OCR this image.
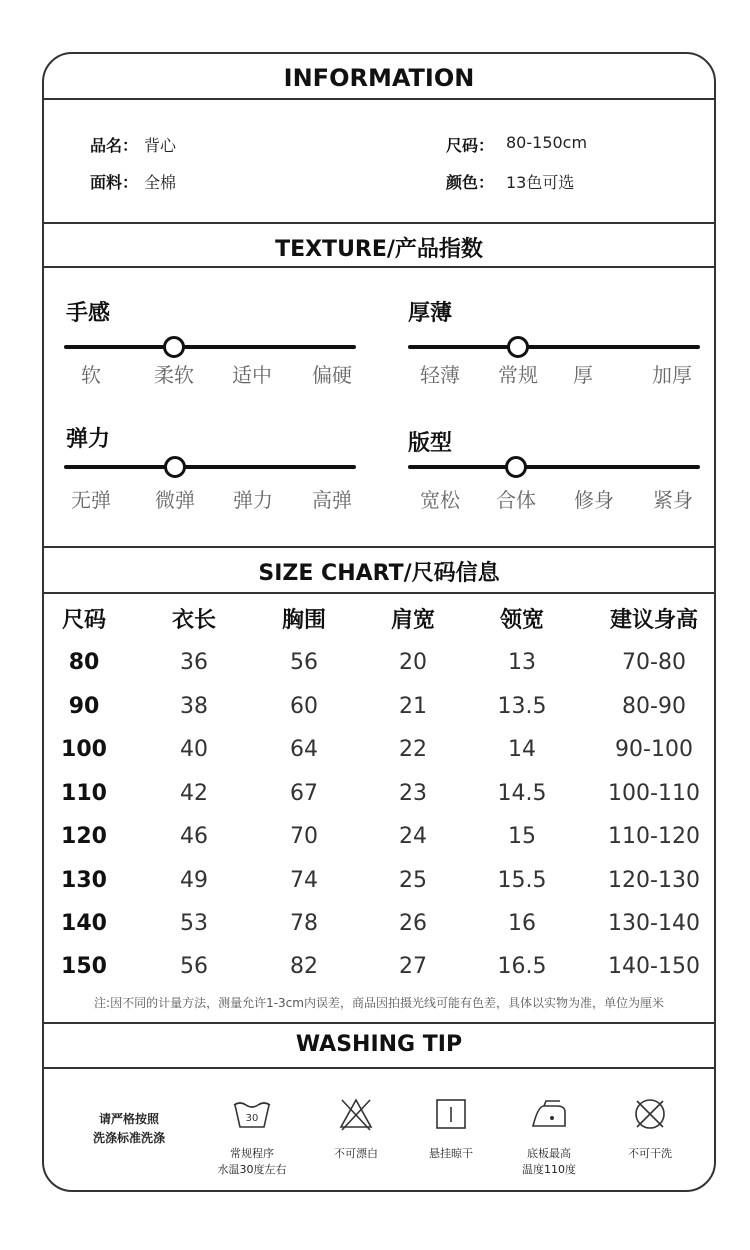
INFORMATION
品名： 背心
面料： 全棉
尺码： 80-150cm
颜色： 13色可选
TEXTURE/产品指数
手感
软	柔软	适中	偏硬
厚薄
轻薄	常规	厚	加厚
弹力
无弹	微弹	弹力	高弹
版型
宽松	合体	修身	紧身
SIZE CHART/尺码信息
尺码	衣长	胸围	肩宽	领宽	建议身高
80	36	56	20	13	70-80
90	38	60	21	13.5	80-90
100	40	64	22	14	90-100
110	42	67	23	14.5	100-110
120	46	70	24	15	110-120
130	49	74	25	15.5	120-130
140	53	78	26	16	130-140
150	56	82	27	16.5	140-150
注:因不同的计量方法，测量允许1-3cm内误差，商品因拍摄光线可能有色差，具体以实物为准，单位为厘米
WASHING TIP
请严格按照
洗涤标准洗涤
30
常规程序
水温30度左右
不可漂白	悬挂晾干	底板最高
温度110度
不可干洗
